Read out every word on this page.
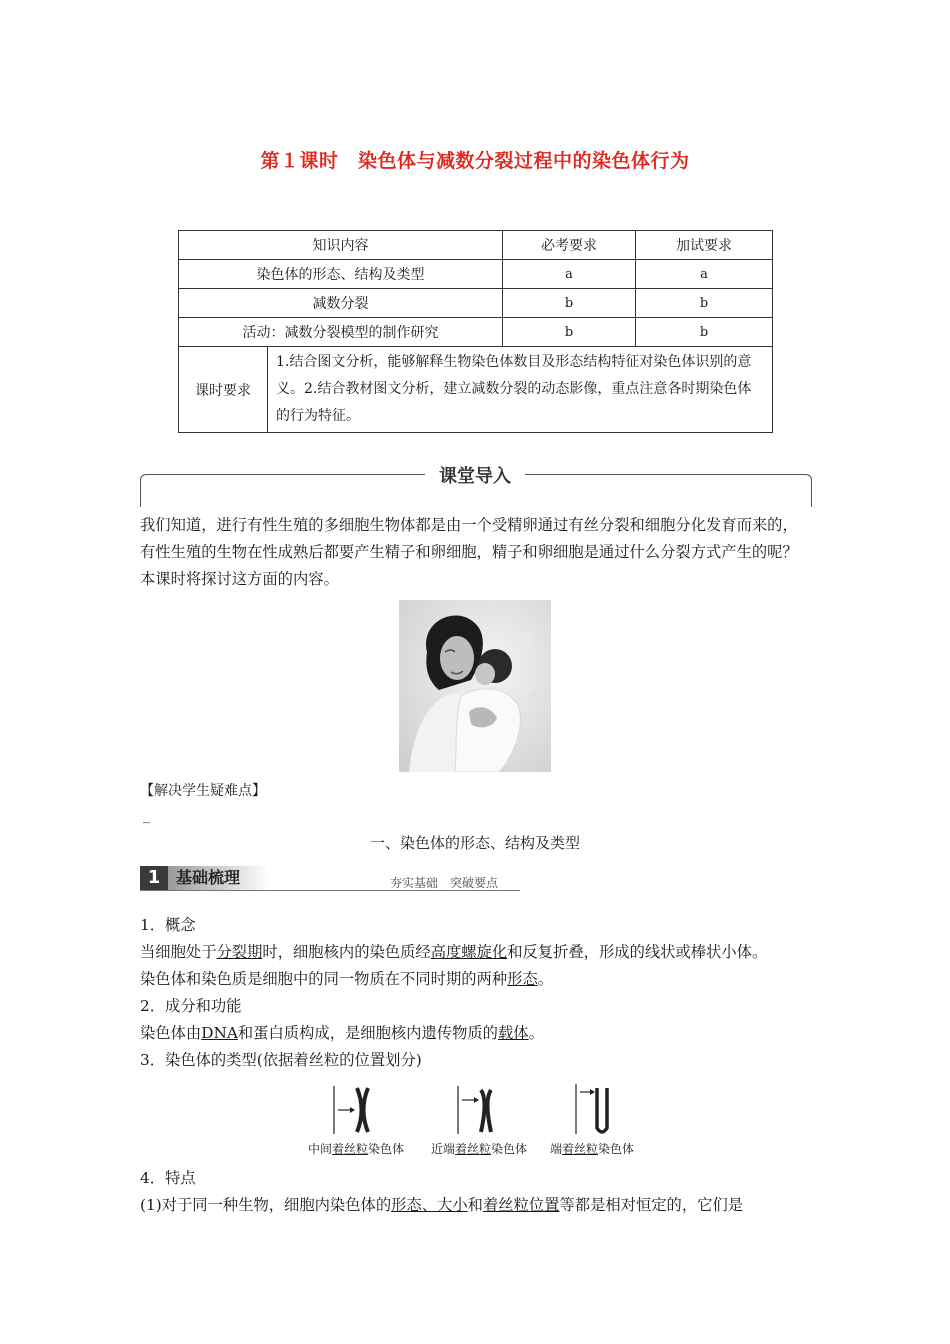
第１课时　染色体与减数分裂过程中的染色体行为
知识内容		必考要求	加试要求
染色体的形态、结构及类型		a	a
减数分裂		b	b
活动：减数分裂模型的制作研究		b	b
课时要求	1.结合图文分析，能够解释生物染色体数目及形态结构特征对染色体识别的意义。2.结合教材图文分析，建立减数分裂的动态影像，重点注意各时期染色体的行为特征。		
课堂导入
我们知道，进行有性生殖的多细胞生物体都是由一个受精卵通过有丝分裂和细胞分化发育而来的，有性生殖的生物在性成熟后都要产生精子和卵细胞，精子和卵细胞是通过什么分裂方式产生的呢？本课时将探讨这方面的内容。
【解决学生疑难点】
_
一、染色体的形态、结构及类型
1 基础梳理	夯实基础　突破要点
1．概念
当细胞处于分裂期时，细胞核内的染色质经高度螺旋化和反复折叠，形成的线状或棒状小体。
染色体和染色质是细胞中的同一物质在不同时期的两种形态。
2．成分和功能
染色体由DNA和蛋白质构成，是细胞核内遗传物质的载体。
3．染色体的类型(依据着丝粒的位置划分)
中间着丝粒染色体 近端着丝粒染色体 端着丝粒染色体
4．特点
(1)对于同一种生物，细胞内染色体的形态、大小和着丝粒位置等都是相对恒定的，它们是
